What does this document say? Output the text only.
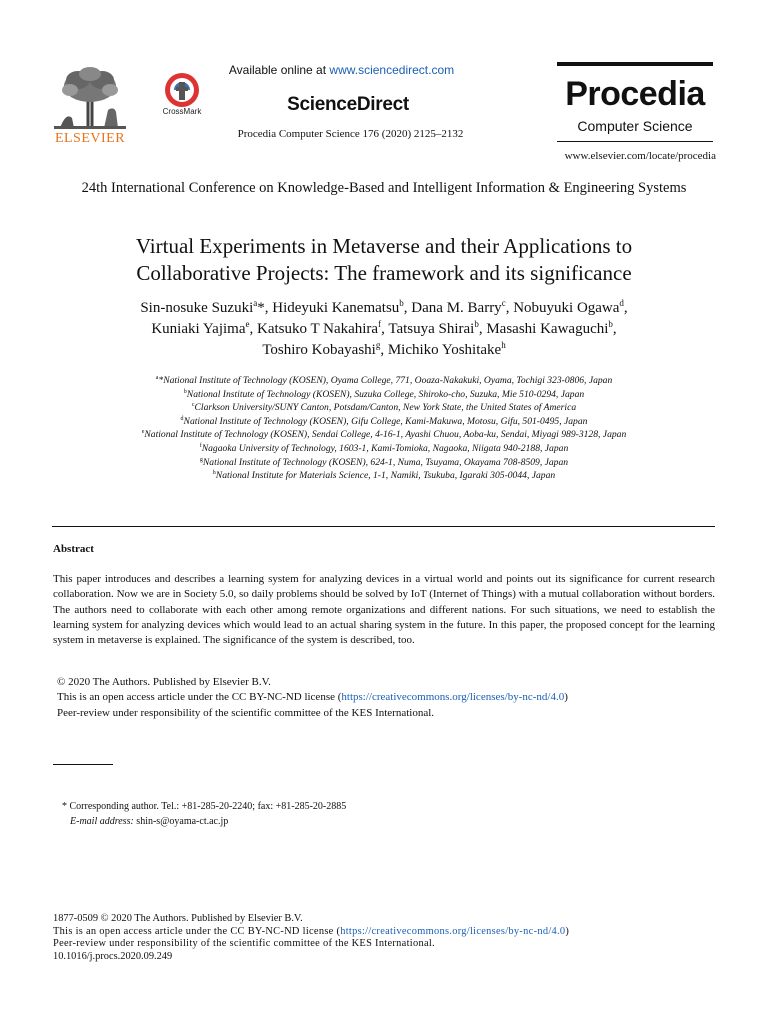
ELSEVIER
CrossMark
Available online at www.sciencedirect.com
ScienceDirect
Procedia Computer Science 176 (2020) 2125–2132
Procedia
Computer Science
www.elsevier.com/locate/procedia
24th International Conference on Knowledge-Based and Intelligent Information & Engineering Systems
Virtual Experiments in Metaverse and their Applications to
Collaborative Projects: The framework and its significance
Sin-nosuke Suzuki$^a$*, Hideyuki Kanematsu$^b$, Dana M. Barry$^c$, Nobuyuki Ogawa$^d$,
Kuniaki Yajima$^e$, Katsuko T Nakahira$^f$, Tatsuya Shirai$^b$, Masashi Kawaguchi$^b$,
Toshiro Kobayashi$^g$, Michiko Yoshitake$^h$
$^a$*National Institute of Technology (KOSEN), Oyama College, 771, Ooaza-Nakakuki, Oyama, Tochigi 323-0806, Japan
$^b$National Institute of Technology (KOSEN), Suzuka College, Shiroko-cho, Suzuka, Mie 510-0294, Japan
$^c$Clarkson University/SUNY Canton, Potsdam/Canton, New York State, the United States of America
$^d$National Institute of Technology (KOSEN), Gifu College, Kami-Makuwa, Motosu, Gifu, 501-0495, Japan
$^e$National Institute of Technology (KOSEN), Sendai College, 4-16-1, Ayashi Chuou, Aoba-ku, Sendai, Miyagi 989-3128, Japan
$^f$Nagaoka University of Technology, 1603-1, Kami-Tomioka, Nagaoka, Niigata 940-2188, Japan
$^g$National Institute of Technology (KOSEN), 624-1, Numa, Tsuyama, Okayama 708-8509, Japan
$^h$National Institute for Materials Science, 1-1, Namiki, Tsukuba, Igaraki 305-0044, Japan
Abstract
This paper introduces and describes a learning system for analyzing devices in a virtual world and points out its significance for current research collaboration. Now we are in Society 5.0, so daily problems should be solved by IoT (Internet of Things) with a mutual collaboration without borders. The authors need to collaborate with each other among remote organizations and different nations. For such situations, we need to establish the learning system for analyzing devices which would lead to an actual sharing system in the future. In this paper, the proposed concept for the learning system in metaverse is explained. The significance of the system is described, too.
© 2020 The Authors. Published by Elsevier B.V.
This is an open access article under the CC BY-NC-ND license (https://creativecommons.org/licenses/by-nc-nd/4.0)
Peer-review under responsibility of the scientific committee of the KES International.
* Corresponding author. Tel.: +81-285-20-2240; fax: +81-285-20-2885
E-mail address: shin-s@oyama-ct.ac.jp
1877-0509 © 2020 The Authors. Published by Elsevier B.V.
This is an open access article under the CC BY-NC-ND license (https://creativecommons.org/licenses/by-nc-nd/4.0)
Peer-review under responsibility of the scientific committee of the KES International.
10.1016/j.procs.2020.09.249
